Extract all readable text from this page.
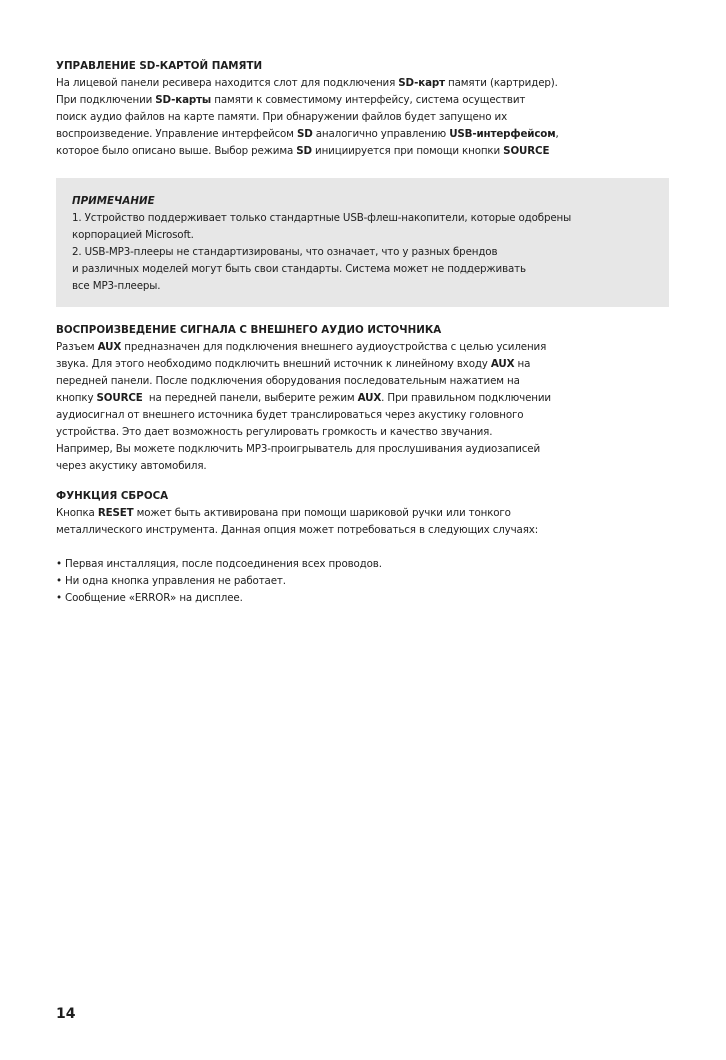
УПРАВЛЕНИЕ SD-КАРТОЙ ПАМЯТИ
На лицевой панели ресивера находится слот для подключения SD-карт памяти (картридер).
При подключении SD-карты памяти к совместимому интерфейсу, система осуществит
поиск аудио файлов на карте памяти. При обнаружении файлов будет запущено их
воспроизведение. Управление интерфейсом SD аналогично управлению USB-интерфейсом,
которое было описано выше. Выбор режима SD инициируется при помощи кнопки SOURCE
ПРИМЕЧАНИЕ
1. Устройство поддерживает только стандартные USB-флеш-накопители, которые одобрены
корпорацией Microsoft.
2. USB-MP3-плееры не стандартизированы, что означает, что у разных брендов
и различных моделей могут быть свои стандарты. Система может не поддерживать
все MP3-плееры.
ВОСПРОИЗВЕДЕНИЕ СИГНАЛА С ВНЕШНЕГО АУДИО ИСТОЧНИКА
Разъем AUX предназначен для подключения внешнего аудиоустройства с целью усиления
звука. Для этого необходимо подключить внешний источник к линейному входу AUX на
передней панели. После подключения оборудования последовательным нажатием на
кнопку SOURCE  на передней панели, выберите режим AUX. При правильном подключении
аудиосигнал от внешнего источника будет транслироваться через акустику головного
устройства. Это дает возможность регулировать громкость и качество звучания.
Например, Вы можете подключить MP3-проигрыватель для прослушивания аудиозаписей
через акустику автомобиля.
ФУНКЦИЯ СБРОСА
Кнопка RESET может быть активирована при помощи шариковой ручки или тонкого
металлического инструмента. Данная опция может потребоваться в следующих случаях:
• Первая инсталляция, после подсоединения всех проводов.
• Ни одна кнопка управления не работает.
• Сообщение «ERROR» на дисплее.
14
